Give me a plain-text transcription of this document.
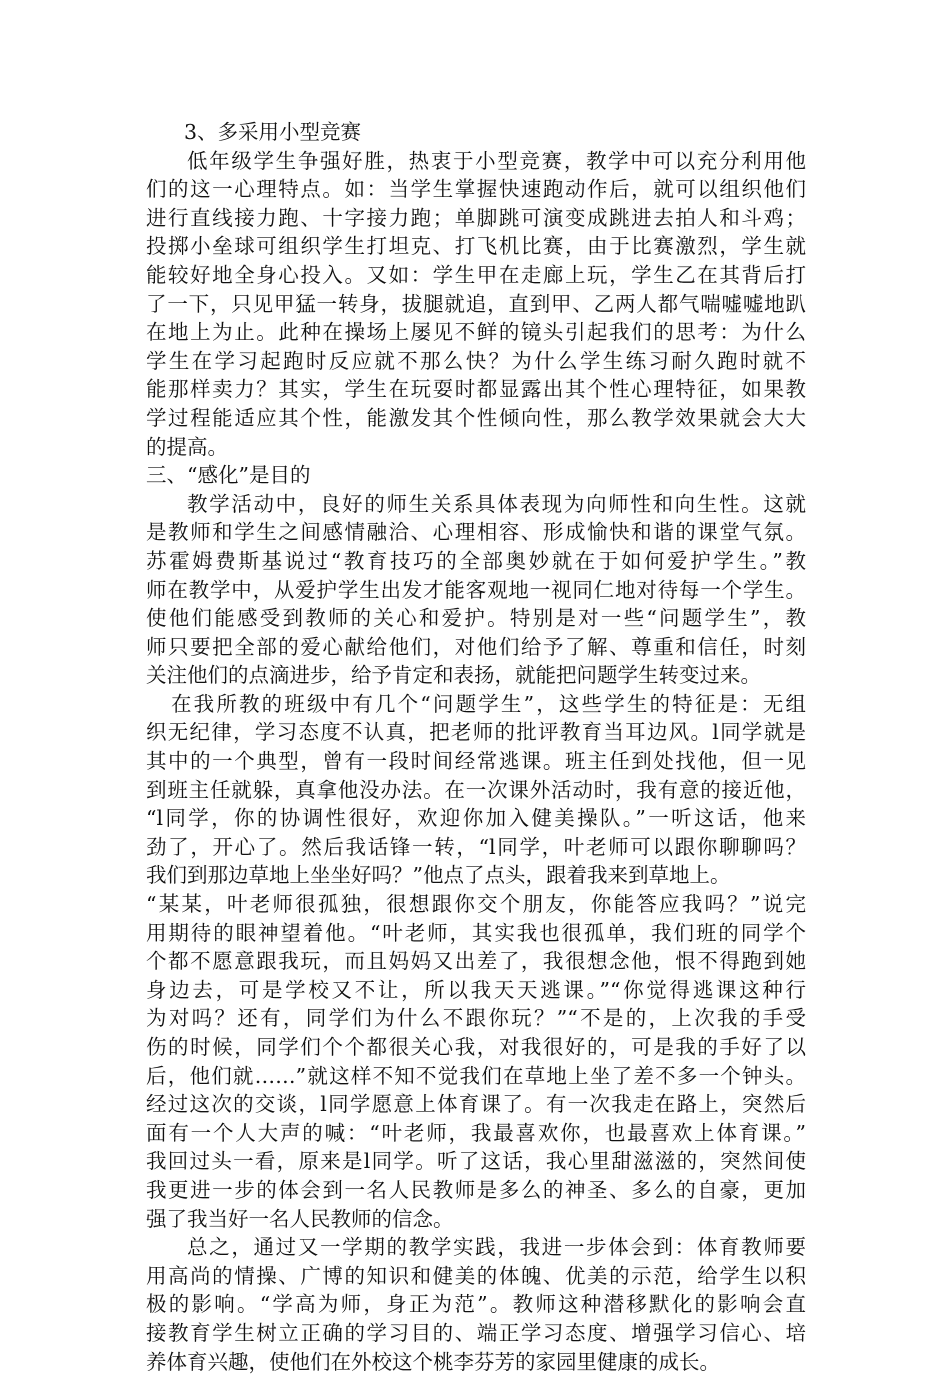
3、多采用小型竞赛
低年级学生争强好胜，热衷于小型竞赛，教学中可以充分利用他
们的这一心理特点。如：当学生掌握快速跑动作后，就可以组织他们
进行直线接力跑、十字接力跑；单脚跳可演变成跳进去拍人和斗鸡；
投掷小垒球可组织学生打坦克、打飞机比赛，由于比赛激烈，学生就
能较好地全身心投入。又如：学生甲在走廊上玩，学生乙在其背后打
了一下，只见甲猛一转身，拔腿就追，直到甲、乙两人都气喘嘘嘘地趴
在地上为止。此种在操场上屡见不鲜的镜头引起我们的思考：为什么
学生在学习起跑时反应就不那么快？为什么学生练习耐久跑时就不
能那样卖力？其实，学生在玩耍时都显露出其个性心理特征，如果教
学过程能适应其个性，能激发其个性倾向性，那么教学效果就会大大
的提高。
三、“感化”是目的
教学活动中，良好的师生关系具体表现为向师性和向生性。这就
是教师和学生之间感情融洽、心理相容、形成愉快和谐的课堂气氛。
苏霍姆费斯基说过“教育技巧的全部奥妙就在于如何爱护学生。”教
师在教学中，从爱护学生出发才能客观地一视同仁地对待每一个学生。
使他们能感受到教师的关心和爱护。特别是对一些“问题学生”，教
师只要把全部的爱心献给他们，对他们给予了解、尊重和信任，时刻
关注他们的点滴进步，给予肯定和表扬，就能把问题学生转变过来。
在我所教的班级中有几个“问题学生”，这些学生的特征是：无组
织无纪律，学习态度不认真，把老师的批评教育当耳边风。l同学就是
其中的一个典型，曾有一段时间经常逃课。班主任到处找他，但一见
到班主任就躲，真拿他没办法。在一次课外活动时，我有意的接近他，
“l同学，你的协调性很好，欢迎你加入健美操队。”一听这话，他来
劲了，开心了。然后我话锋一转，“l同学，叶老师可以跟你聊聊吗？
我们到那边草地上坐坐好吗？”他点了点头，跟着我来到草地上。
“某某，叶老师很孤独，很想跟你交个朋友，你能答应我吗？”说完
用期待的眼神望着他。“叶老师，其实我也很孤单，我们班的同学个
个都不愿意跟我玩，而且妈妈又出差了，我很想念他，恨不得跑到她
身边去，可是学校又不让，所以我天天逃课。”“你觉得逃课这种行
为对吗？还有，同学们为什么不跟你玩？”“不是的，上次我的手受
伤的时候，同学们个个都很关心我，对我很好的，可是我的手好了以
后，他们就……”就这样不知不觉我们在草地上坐了差不多一个钟头。
经过这次的交谈，l同学愿意上体育课了。有一次我走在路上，突然后
面有一个人大声的喊：“叶老师，我最喜欢你，也最喜欢上体育课。”
我回过头一看，原来是l同学。听了这话，我心里甜滋滋的，突然间使
我更进一步的体会到一名人民教师是多么的神圣、多么的自豪，更加
强了我当好一名人民教师的信念。
总之，通过又一学期的教学实践，我进一步体会到：体育教师要
用高尚的情操、广博的知识和健美的体魄、优美的示范，给学生以积
极的影响。“学高为师，身正为范”。教师这种潜移默化的影响会直
接教育学生树立正确的学习目的、端正学习态度、增强学习信心、培
养体育兴趣，使他们在外校这个桃李芬芳的家园里健康的成长。
